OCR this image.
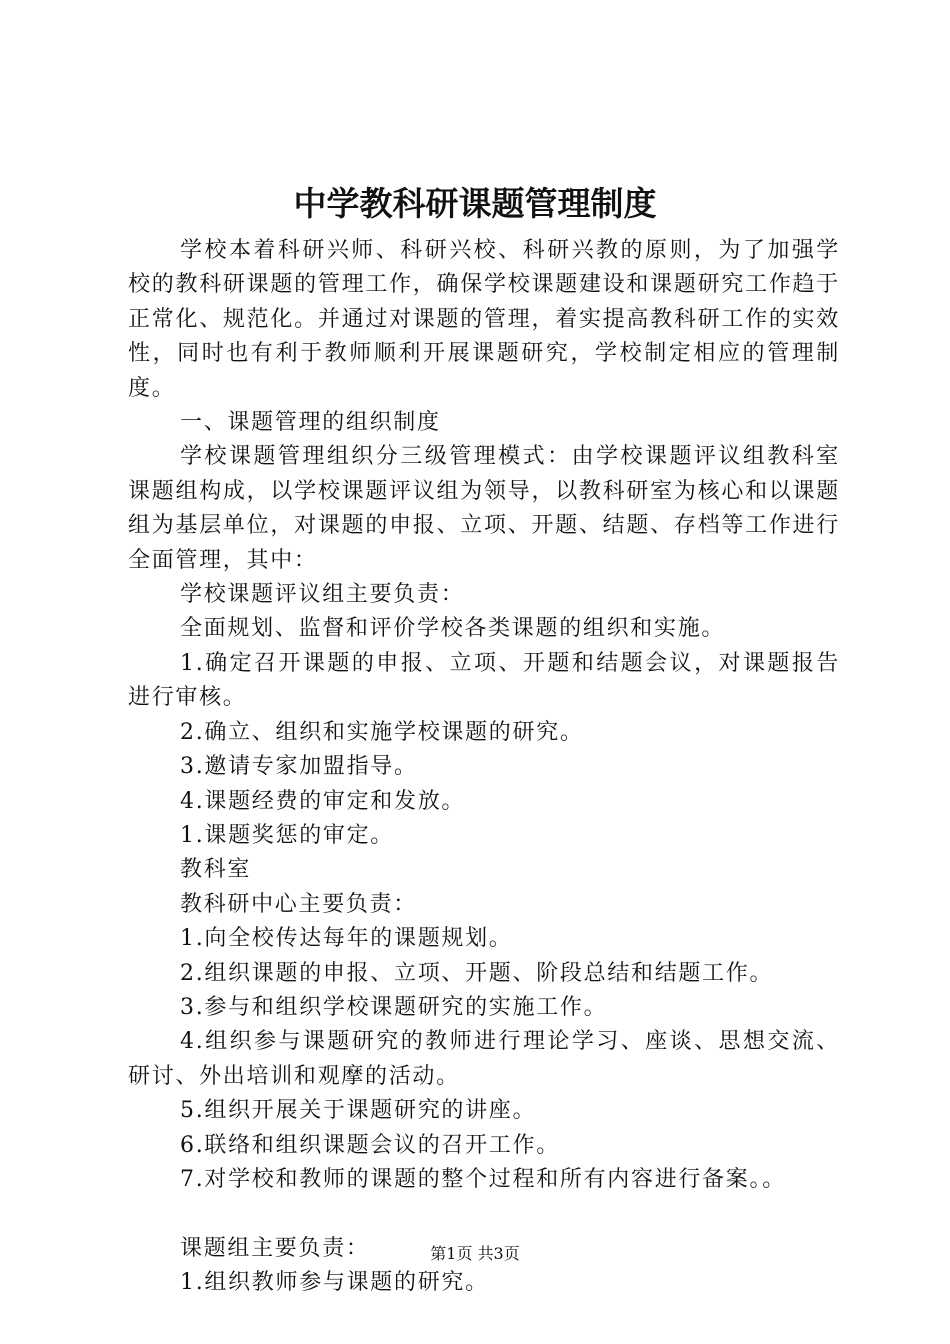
中学教科研课题管理制度

学校本着科研兴师、科研兴校、科研兴教的原则，为了加强学校的教科研课题的管理工作，确保学校课题建设和课题研究工作趋于正常化、规范化。并通过对课题的管理，着实提高教科研工作的实效性，同时也有利于教师顺利开展课题研究，学校制定相应的管理制度。

一、课题管理的组织制度

学校课题管理组织分三级管理模式：由学校课题评议组教科室课题组构成，以学校课题评议组为领导，以教科研室为核心和以课题组为基层单位，对课题的申报、立项、开题、结题、存档等工作进行全面管理，其中：

学校课题评议组主要负责：

全面规划、监督和评价学校各类课题的组织和实施。

1.确定召开课题的申报、立项、开题和结题会议，对课题报告进行审核。

2.确立、组织和实施学校课题的研究。

3.邀请专家加盟指导。

4.课题经费的审定和发放。

1.课题奖惩的审定。

教科室

教科研中心主要负责：

1.向全校传达每年的课题规划。

2.组织课题的申报、立项、开题、阶段总结和结题工作。

3.参与和组织学校课题研究的实施工作。

4.组织参与课题研究的教师进行理论学习、座谈、思想交流、研讨、外出培训和观摩的活动。

5.组织开展关于课题研究的讲座。

6.联络和组织课题会议的召开工作。

7.对学校和教师的课题的整个过程和所有内容进行备案。。

课题组主要负责：

1.组织教师参与课题的研究。

第1页 共3页
